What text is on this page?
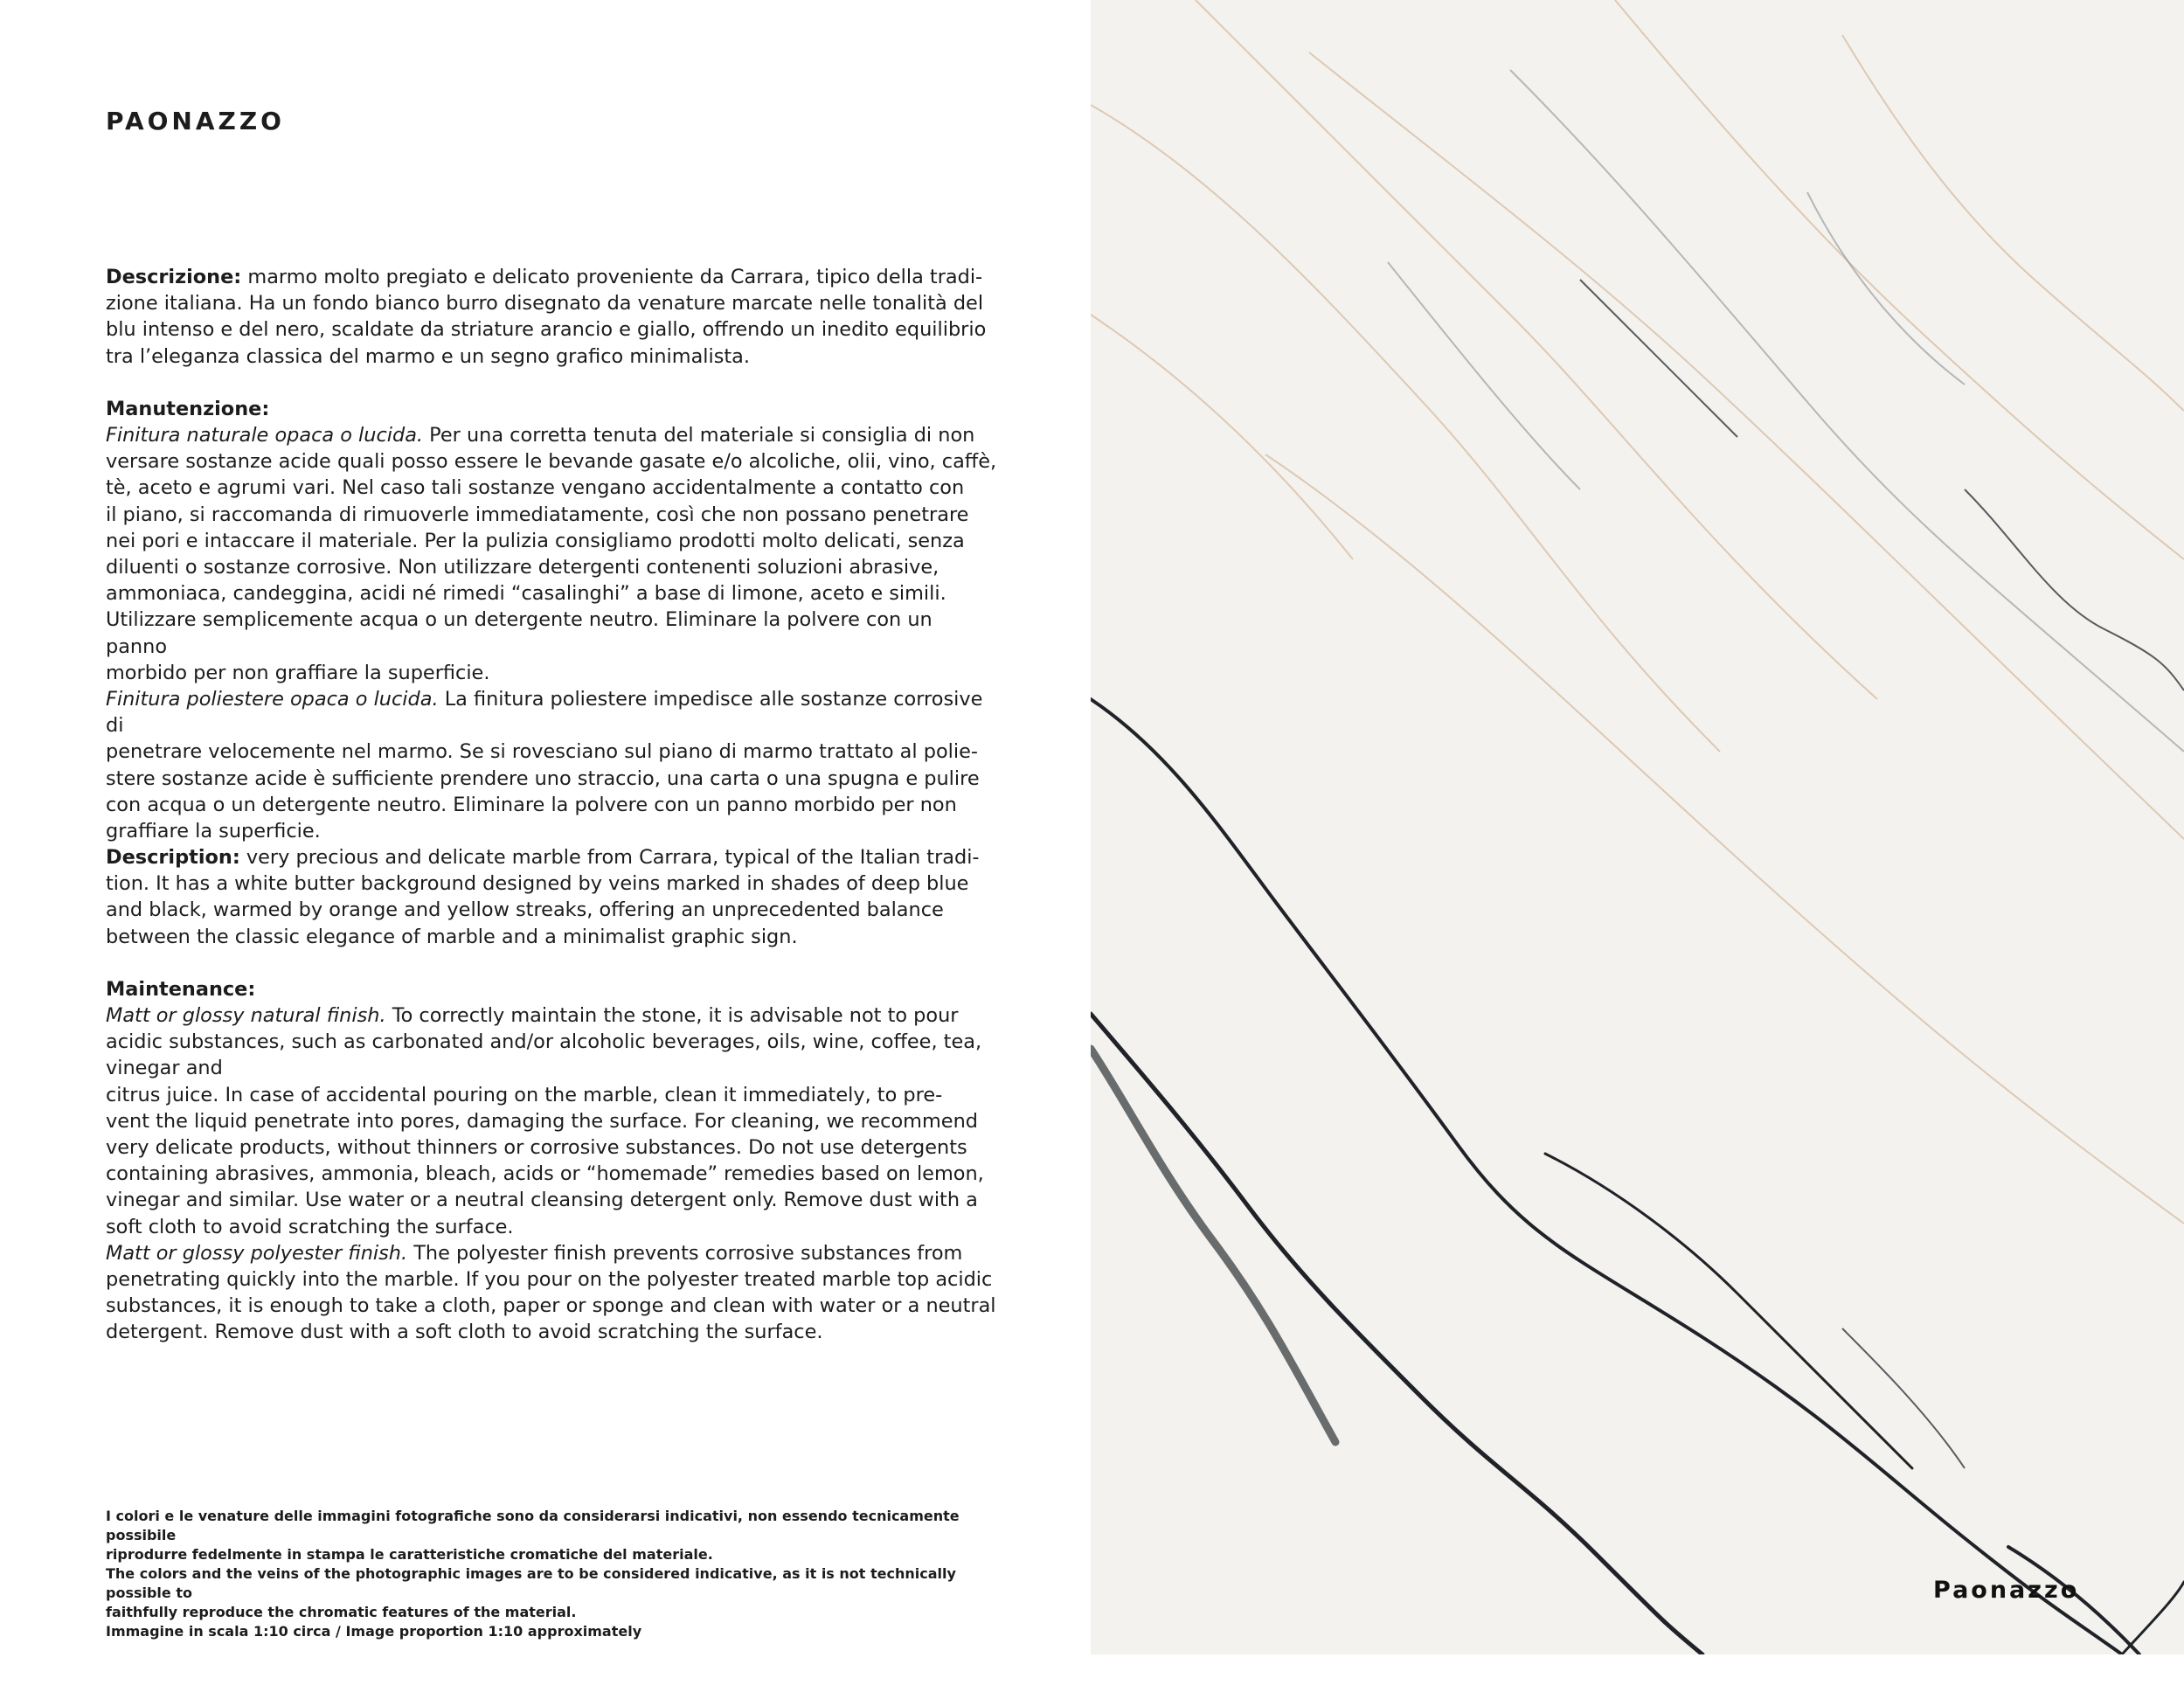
PAONAZZO

Descrizione: marmo molto pregiato e delicato proveniente da Carrara, tipico della tradi-
zione italiana. Ha un fondo bianco burro disegnato da venature marcate nelle tonalità del
blu intenso e del nero, scaldate da striature arancio e giallo, offrendo un inedito equilibrio
tra l’eleganza classica del marmo e un segno grafico minimalista.

Manutenzione:
Finitura naturale opaca o lucida. Per una corretta tenuta del materiale si consiglia di non
versare sostanze acide quali posso essere le bevande gasate e/o alcoliche, olii, vino, caffè,
tè, aceto e agrumi vari. Nel caso tali sostanze vengano accidentalmente a contatto con
il piano, si raccomanda di rimuoverle immediatamente, così che non possano penetrare
nei pori e intaccare il materiale. Per la pulizia consigliamo prodotti molto delicati, senza
diluenti o sostanze corrosive. Non utilizzare detergenti contenenti soluzioni abrasive,
ammoniaca, candeggina, acidi né rimedi “casalinghi” a base di limone, aceto e simili.
Utilizzare semplicemente acqua o un detergente neutro. Eliminare la polvere con un panno
morbido per non graffiare la superficie.
Finitura poliestere opaca o lucida. La finitura poliestere impedisce alle sostanze corrosive di
penetrare velocemente nel marmo. Se si rovesciano sul piano di marmo trattato al polie-
stere sostanze acide è sufficiente prendere uno straccio, una carta o una spugna e pulire
con acqua o un detergente neutro. Eliminare la polvere con un panno morbido per non
graffiare la superficie.

Description: very precious and delicate marble from Carrara, typical of the Italian tradi-
tion. It has a white butter background designed by veins marked in shades of deep blue
and black, warmed by orange and yellow streaks, offering an unprecedented balance
between the classic elegance of marble and a minimalist graphic sign.

Maintenance:
Matt or glossy natural finish. To correctly maintain the stone, it is advisable not to pour
acidic substances, such as carbonated and/or alcoholic beverages, oils, wine, coffee, tea,
vinegar and
citrus juice. In case of accidental pouring on the marble, clean it immediately, to pre-
vent the liquid penetrate into pores, damaging the surface. For cleaning, we recommend
very delicate products, without thinners or corrosive substances. Do not use detergents
containing abrasives, ammonia, bleach, acids or “homemade” remedies based on lemon,
vinegar and similar. Use water or a neutral cleansing detergent only. Remove dust with a
soft cloth to avoid scratching the surface.
Matt or glossy polyester finish. The polyester finish prevents corrosive substances from
penetrating quickly into the marble. If you pour on the polyester treated marble top acidic
substances, it is enough to take a cloth, paper or sponge and clean with water or a neutral
detergent. Remove dust with a soft cloth to avoid scratching the surface.

I colori e le venature delle immagini fotografiche sono da considerarsi indicativi, non essendo tecnicamente possibile
riprodurre fedelmente in stampa le caratteristiche cromatiche del materiale.

The colors and the veins of the photographic images are to be considered indicative, as it is not technically possible to
faithfully reproduce the chromatic features of the material.

Immagine in scala 1:10 circa / Image proportion 1:10 approximately

Paonazzo
